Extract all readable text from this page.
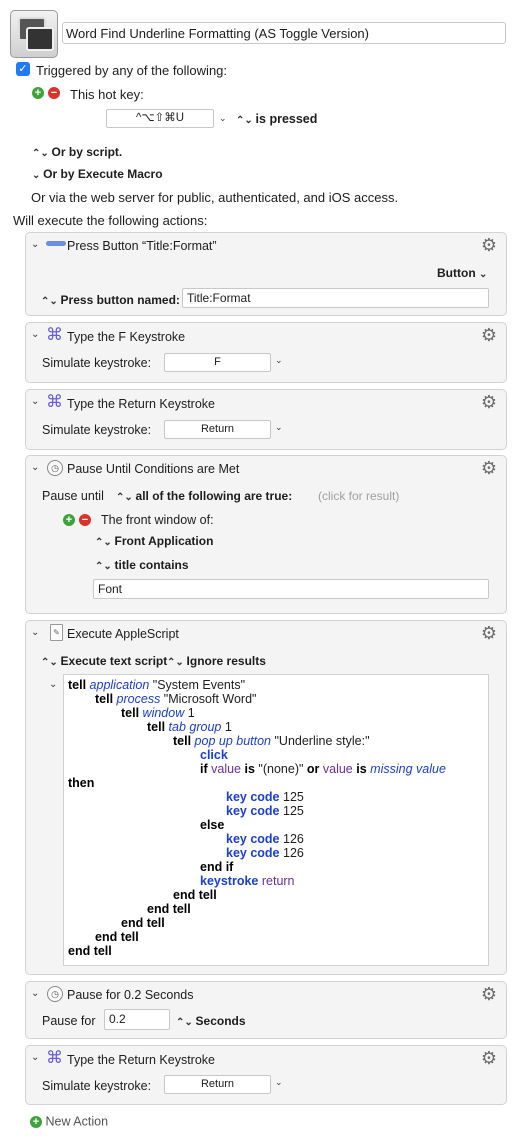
Word Find Underline Formatting (AS Toggle Version)
✓ Triggered by any of the following:
+ − This hot key:
^⌥⇧⌘U	⌄ ⌃⌄ is pressed
⌃⌄ Or by script.
⌄ Or by Execute Macro
Or via the web server for public, authenticated, and iOS access.
Will execute the following actions:
⌄ Press Button “Title:Format”	⚙
Button ⌄
⌃⌄ Press button named: Title:Format
⌄ ⌘ Type the F Keystroke	⚙
Simulate keystroke:	F	⌄
⌄ ⌘ Type the Return Keystroke	⚙
Simulate keystroke:	Return	⌄
⌄	◷ Pause Until Conditions are Met	⚙
Pause until ⌃⌄ all of the following are true: (click for result)
+ − The front window of:
⌃⌄ Front Application
⌃⌄ title contains
Font
⌄	✎ Execute AppleScript	⚙
⌃⌄ Execute text script ⌃⌄ Ignore results
⌄ tell application "System Events"
tell process "Microsoft Word"
tell window 1
tell tab group 1
tell pop up button "Underline style:"
click
if value is "(none)" or value is missing value
then
key code 125
key code 125
else
key code 126
key code 126
end if
keystroke return
end tell
end tell
end tell
end tell
end tell
⌄	◷ Pause for 0.2 Seconds	⚙
Pause for	0.2	⌃⌄ Seconds
⌄ ⌘ Type the Return Keystroke	⚙
Simulate keystroke:	Return	⌄
+ New Action
